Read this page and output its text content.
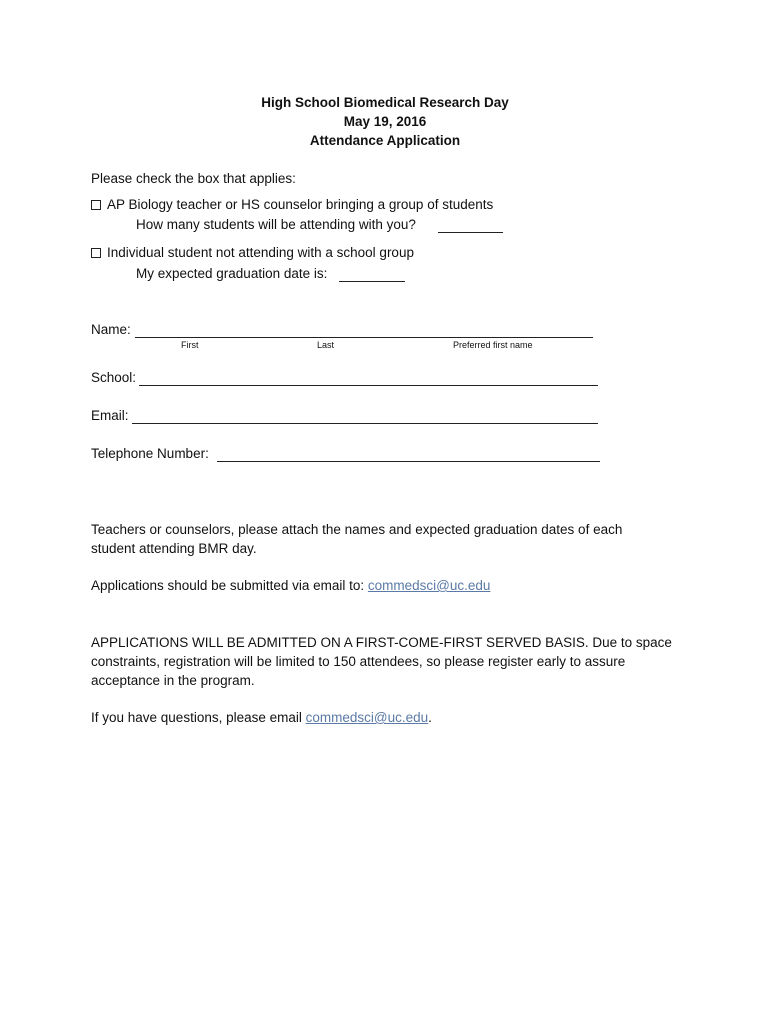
High School Biomedical Research Day
May 19, 2016
Attendance Application
Please check the box that applies:
AP Biology teacher or HS counselor bringing a group of students
How many students will be attending with you?
Individual student not attending with a school group
My expected graduation date is:
Name:
First	Last	Preferred first name
School:
Email:
Telephone Number:
Teachers or counselors, please attach the names and expected graduation dates of each
student attending BMR day.
Applications should be submitted via email to: commedsci@uc.edu
APPLICATIONS WILL BE ADMITTED ON A FIRST-COME-FIRST SERVED BASIS. Due to space
constraints, registration will be limited to 150 attendees, so please register early to assure
acceptance in the program.
If you have questions, please email commedsci@uc.edu.
